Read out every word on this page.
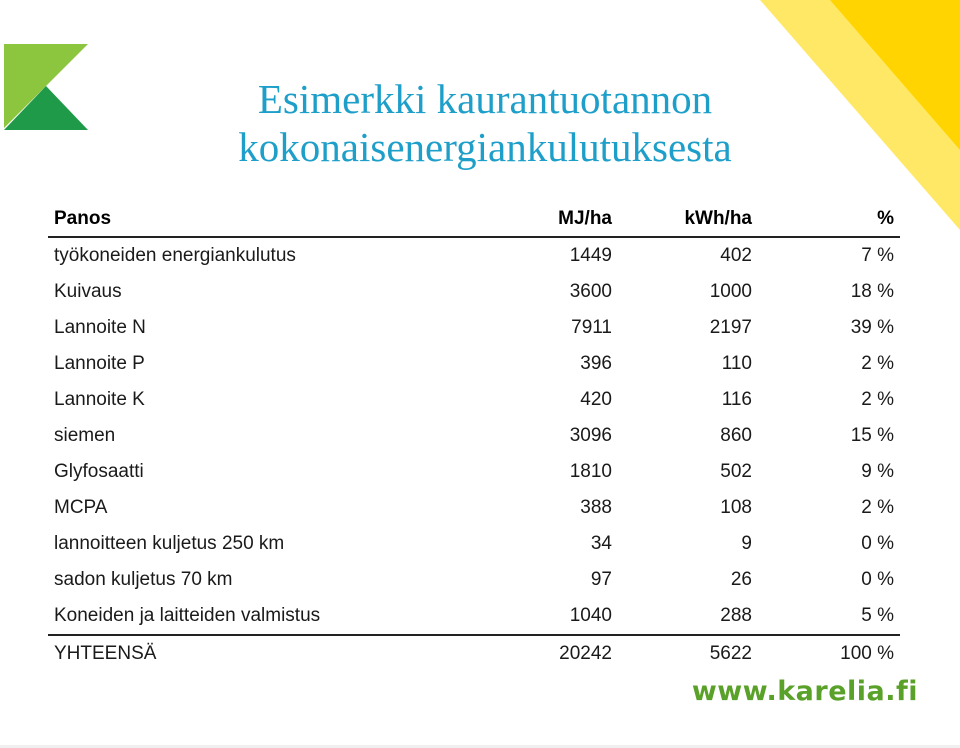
Esimerkki kaurantuotannon
kokonaisenergiankulutuksesta
Panos	MJ/ha	kWh/ha	%
työkoneiden energiankulutus	1449	402	7 %
Kuivaus	3600	1000	18 %
Lannoite N	7911	2197	39 %
Lannoite P	396	110	2 %
Lannoite K	420	116	2 %
siemen	3096	860	15 %
Glyfosaatti	1810	502	9 %
MCPA	388	108	2 %
lannoitteen kuljetus 250 km	34	9	0 %
sadon kuljetus 70 km	97	26	0 %
Koneiden ja laitteiden valmistus	1040	288	5 %
YHTEENSÄ	20242	5622	100 %
www.karelia.fi
